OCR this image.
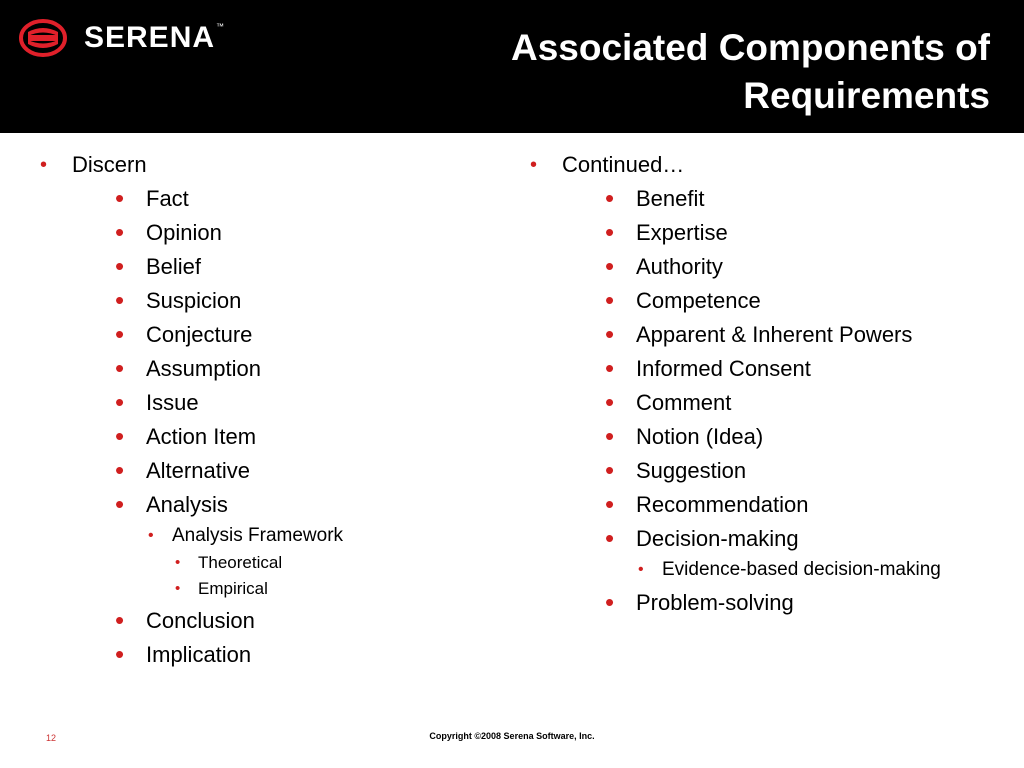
SERENA ™
Associated Components of
Requirements
• Discern
• Fact
• Opinion
• Belief
• Suspicion
• Conjecture
• Assumption
• Issue
• Action Item
• Alternative
• Analysis
• Analysis Framework
• Theoretical
• Empirical
• Conclusion
• Implication
• Continued…
• Benefit
• Expertise
• Authority
• Competence
• Apparent & Inherent Powers
• Informed Consent
• Comment
• Notion (Idea)
• Suggestion
• Recommendation
• Decision-making
• Evidence-based decision-making
• Problem-solving
12	Copyright ©2008 Serena Software, Inc.
